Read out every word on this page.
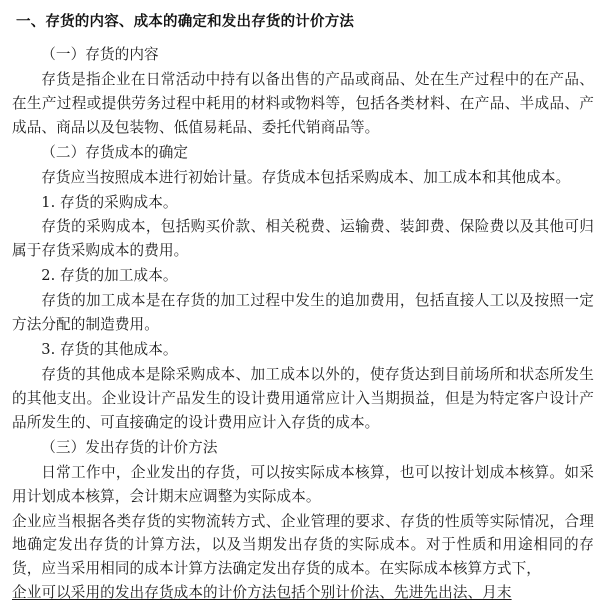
一、存货的内容、成本的确定和发出存货的计价方法

（一）存货的内容

存货是指企业在日常活动中持有以备出售的产品或商品、处在生产过程中的在产品、在生产过程或提供劳务过程中耗用的材料或物料等，包括各类材料、在产品、半成品、产成品、商品以及包装物、低值易耗品、委托代销商品等。

（二）存货成本的确定

存货应当按照成本进行初始计量。存货成本包括采购成本、加工成本和其他成本。

1. 存货的采购成本。

存货的采购成本，包括购买价款、相关税费、运输费、装卸费、保险费以及其他可归属于存货采购成本的费用。

2. 存货的加工成本。

存货的加工成本是在存货的加工过程中发生的追加费用，包括直接人工以及按照一定方法分配的制造费用。

3. 存货的其他成本。

存货的其他成本是除采购成本、加工成本以外的，使存货达到目前场所和状态所发生的其他支出。企业设计产品发生的设计费用通常应计入当期损益，但是为特定客户设计产品所发生的、可直接确定的设计费用应计入存货的成本。

（三）发出存货的计价方法

日常工作中，企业发出的存货，可以按实际成本核算，也可以按计划成本核算。如采用计划成本核算，会计期末应调整为实际成本。

企业应当根据各类存货的实物流转方式、企业管理的要求、存货的性质等实际情况，合理地确定发出存货的计算方法，以及当期发出存货的实际成本。对于性质和用途相同的存货，应当采用相同的成本计算方法确定发出存货的成本。在实际成本核算方式下，

企业可以采用的发出存货成本的计价方法包括个别计价法、先进先出法、月末
